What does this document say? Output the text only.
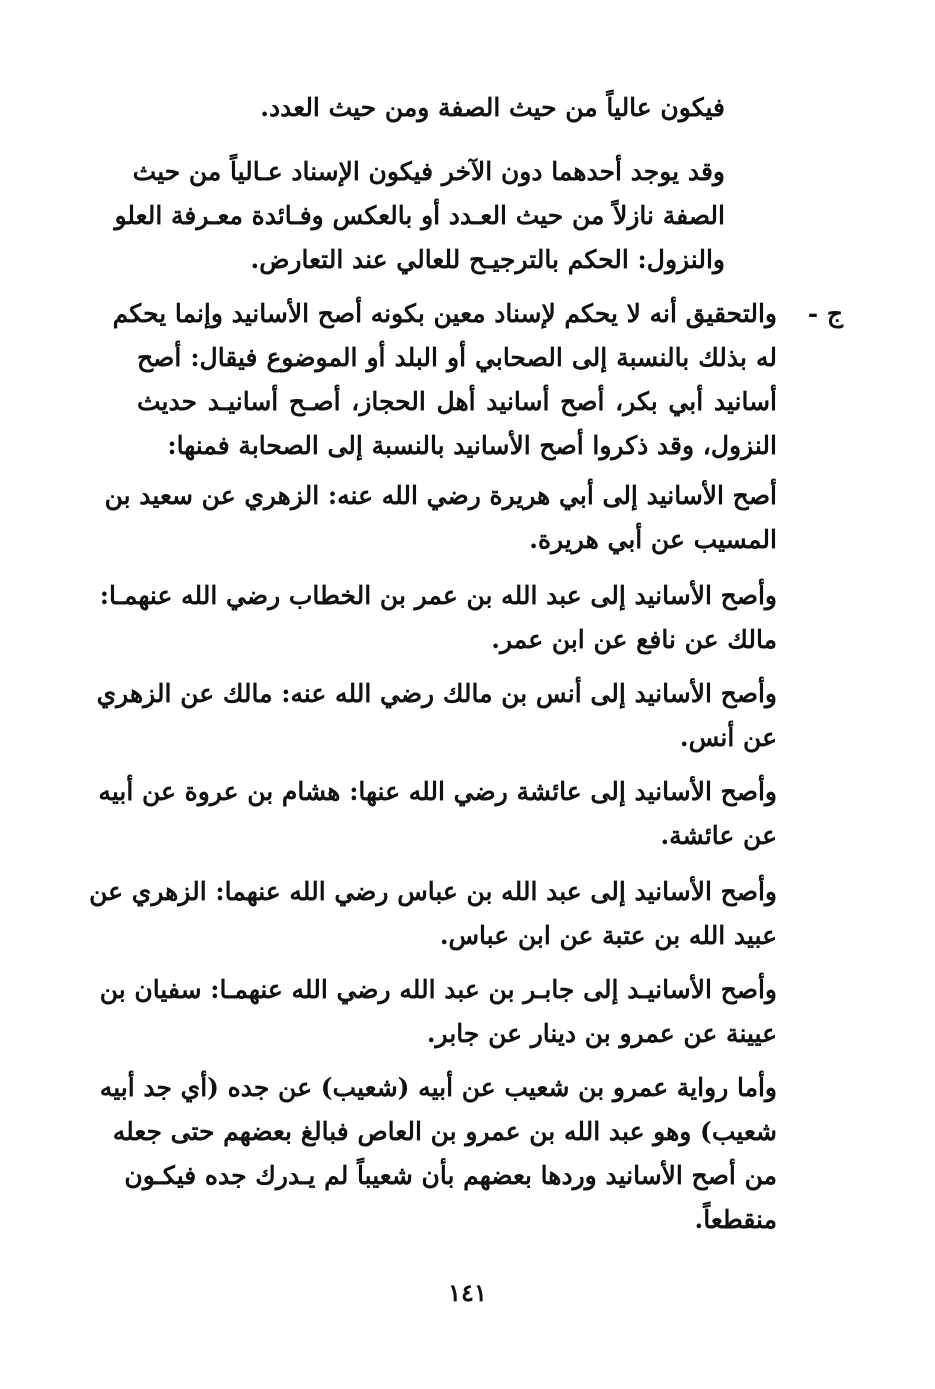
فيكون عالياً من حيث الصفة ومن حيث العدد.
وقد يوجد أحدهما دون الآخر فيكون الإسناد عـالياً من حيث
الصفة نازلاً من حيث العـدد أو بالعكس وفـائدة معـرفة العلو
والنزول: الحكم بالترجيـح للعالي عند التعارض.
ج -
والتحقيق أنه لا يحكم لإسناد معين بكونه أصح الأسانيد وإنما يحكم
له بذلك بالنسبة إلى الصحابي أو البلد أو الموضوع فيقال: أصح
أسانيد أبي بكر، أصح أسانيد أهل الحجاز، أصـح أسانيـد حديث
النزول، وقد ذكروا أصح الأسانيد بالنسبة إلى الصحابة فمنها:
أصح الأسانيد إلى أبي هريرة رضي الله عنه: الزهري عن سعيد بن
المسيب عن أبي هريرة.
وأصح الأسانيد إلى عبد الله بن عمر بن الخطاب رضي الله عنهمـا:
مالك عن نافع عن ابن عمر.
وأصح الأسانيد إلى أنس بن مالك رضي الله عنه: مالك عن الزهري
عن أنس.
وأصح الأسانيد إلى عائشة رضي الله عنها: هشام بن عروة عن أبيه
عن عائشة.
وأصح الأسانيد إلى عبد الله بن عباس رضي الله عنهما: الزهري عن
عبيد الله بن عتبة عن ابن عباس.
وأصح الأسانيـد إلى جابـر بن عبد الله رضي الله عنهمـا: سفيان بن
عيينة عن عمرو بن دينار عن جابر.
وأما رواية عمرو بن شعيب عن أبيه (شعيب) عن جده (أي جد أبيه
شعيب) وهو عبد الله بن عمرو بن العاص فبالغ بعضهم حتى جعله
من أصح الأسانيد وردها بعضهم بأن شعيباً لم يـدرك جده فيكـون
منقطعاً.
١٤١
